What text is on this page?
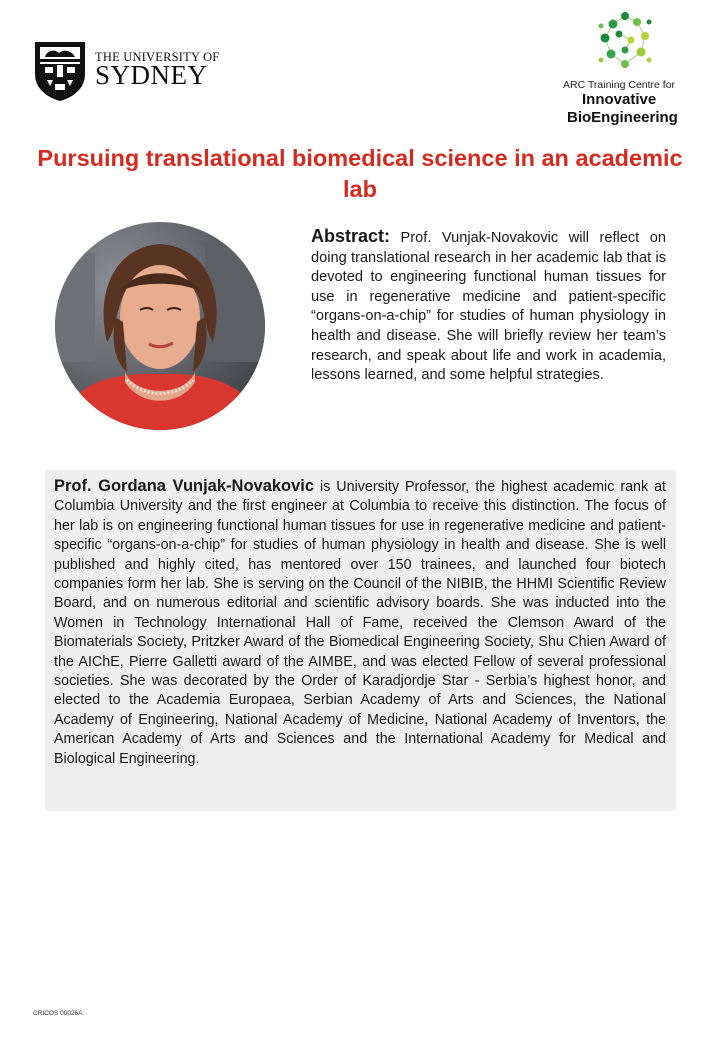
THE UNIVERSITY OF
SYDNEY	ARC Training Centre for
Innovative
BioEngineering
Pursuing translational biomedical science in an academic lab

Abstract: Prof. Vunjak-Novakovic will reflect on doing translational research in her academic lab that is devoted to engineering functional human tissues for use in regenerative medicine and patient-specific “organs-on-a-chip” for studies of human physiology in health and disease. She will briefly review her team’s research, and speak about life and work in academia, lessons learned, and some helpful strategies.

Prof. Gordana Vunjak-Novakovic is University Professor, the highest academic rank at Columbia University and the first engineer at Columbia to receive this distinction. The focus of her lab is on engineering functional human tissues for use in regenerative medicine and patient-specific “organs-on-a-chip” for studies of human physiology in health and disease. She is well published and highly cited, has mentored over 150 trainees, and launched four biotech companies form her lab. She is serving on the Council of the NIBIB, the HHMI Scientific Review Board, and on numerous editorial and scientific advisory boards. She was inducted into the Women in Technology International Hall of Fame, received the Clemson Award of the Biomaterials Society, Pritzker Award of the Biomedical Engineering Society, Shu Chien Award of the AIChE, Pierre Galletti award of the AIMBE, and was elected Fellow of several professional societies. She was decorated by the Order of Karadjordje Star - Serbia’s highest honor, and elected to the Academia Europaea, Serbian Academy of Arts and Sciences, the National Academy of Engineering, National Academy of Medicine, National Academy of Inventors, the American Academy of Arts and Sciences and the International Academy for Medical and Biological Engineering.

CRICOS 00026A
